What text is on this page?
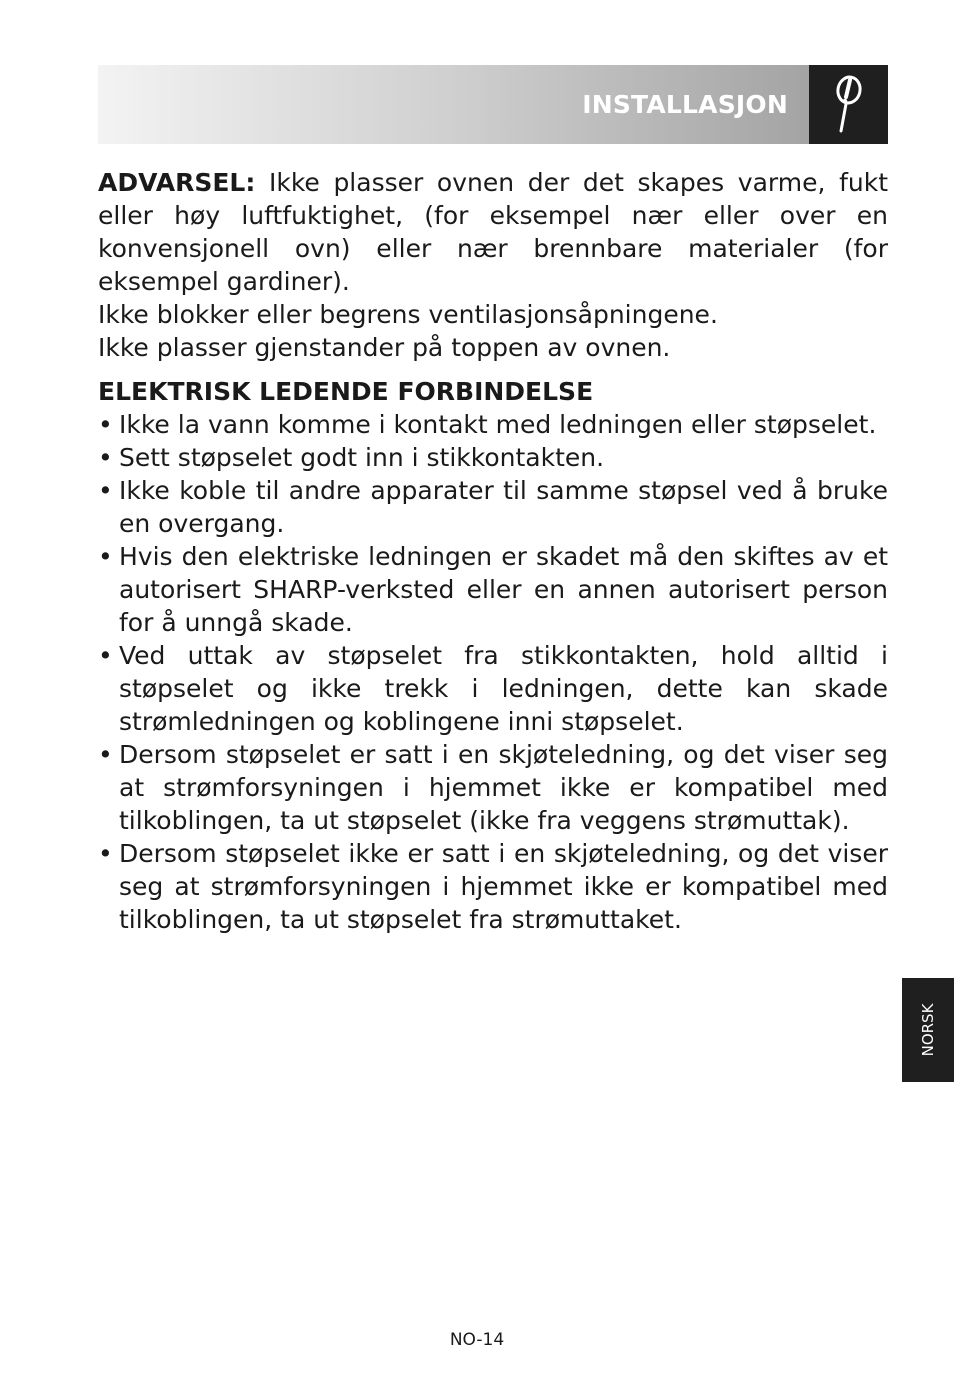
INSTALLASJON

ADVARSEL: Ikke plasser ovnen der det skapes varme, fukt eller høy luftfuktighet, (for eksempel nær eller over en konvensjonell ovn) eller nær brennbare materialer (for eksempel gardiner).

Ikke blokker eller begrens ventilasjonsåpningene.

Ikke plasser gjenstander på toppen av ovnen.

ELEKTRISK LEDENDE FORBINDELSE
• Ikke la vann komme i kontakt med ledningen eller støpselet.
• Sett støpselet godt inn i stikkontakten.
• Ikke koble til andre apparater til samme støpsel ved å bruke en overgang.
• Hvis den elektriske ledningen er skadet må den skiftes av et autorisert SHARP-verksted eller en annen autorisert person for å unngå skade.
• Ved uttak av støpselet fra stikkontakten, hold alltid i støpselet og ikke trekk i ledningen, dette kan skade strømledningen og koblingene inni støpselet.
• Dersom støpselet er satt i en skjøteledning, og det viser seg at strømforsyningen i hjemmet ikke er kompatibel med tilkoblingen, ta ut støpselet (ikke fra veggens strømuttak).
• Dersom støpselet ikke er satt i en skjøteledning, og det viser seg at strømforsyningen i hjemmet ikke er kompatibel med tilkoblingen, ta ut støpselet fra strømuttaket.
NORSK
NO-14
